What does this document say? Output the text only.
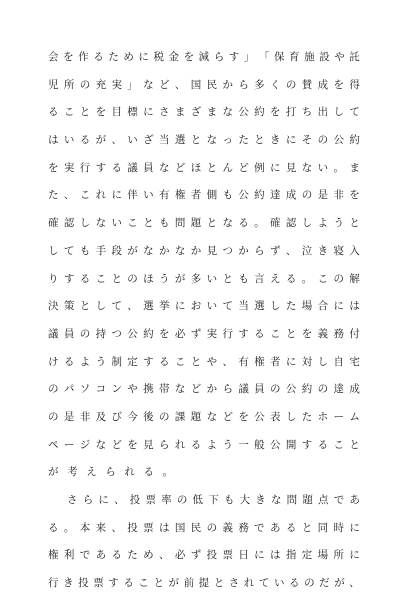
会 を 作 る た め に 税 金 を 減 ら す 」 「 保 育 施 設 や 託
児 所 の 充 実 」 な ど 、 国 民 か ら 多 く の 賛 成 を 得
る こ と を 目 標 に さ ま ざ ま な 公 約 を 打 ち 出 し て
は い る が 、 い ざ 当 選 と な っ た と き に そ の 公 約
を 実 行 す る 議 員 な ど ほ と ん ど 例 に 見 な い 。 ま
た 、 こ れ に 伴 い 有 権 者 側 も 公 約 達 成 の 是 非 を
確 認 し な い こ と も 問 題 と な る 。 確 認 し よ う と
し て も 手 段 が な か な か 見 つ か ら ず 、 泣 き 寝 入
り す る こ と の ほ う が 多 い と も 言 え る 。 こ の 解
決 策 と し て 、 選 挙 に お い て 当 選 し た 場 合 に は
議 員 の 持 つ 公 約 を 必 ず 実 行 す る こ と を 義 務 付
け る よ う 制 定 す る こ と や 、 有 権 者 に 対 し 自 宅
の パ ソ コ ン や 携 帯 な ど か ら 議 員 の 公 約 の 達 成
の 是 非 及 び 今 後 の 課 題 な ど を 公 表 し た ホ ー ム
ペ ー ジ な ど を 見 ら れ る よ う 一 般 公 開 す る こ と
が 考 え ら れ る 。
さ ら に 、 投 票 率 の 低 下 も 大 き な 問 題 点 で あ
る 。 本 来 、 投 票 は 国 民 の 義 務 で あ る と 同 時 に
権 利 で あ る た め 、 必 ず 投 票 日 に は 指 定 場 所 に
行 き 投 票 す る こ と が 前 提 と さ れ て い る の だ が 、
